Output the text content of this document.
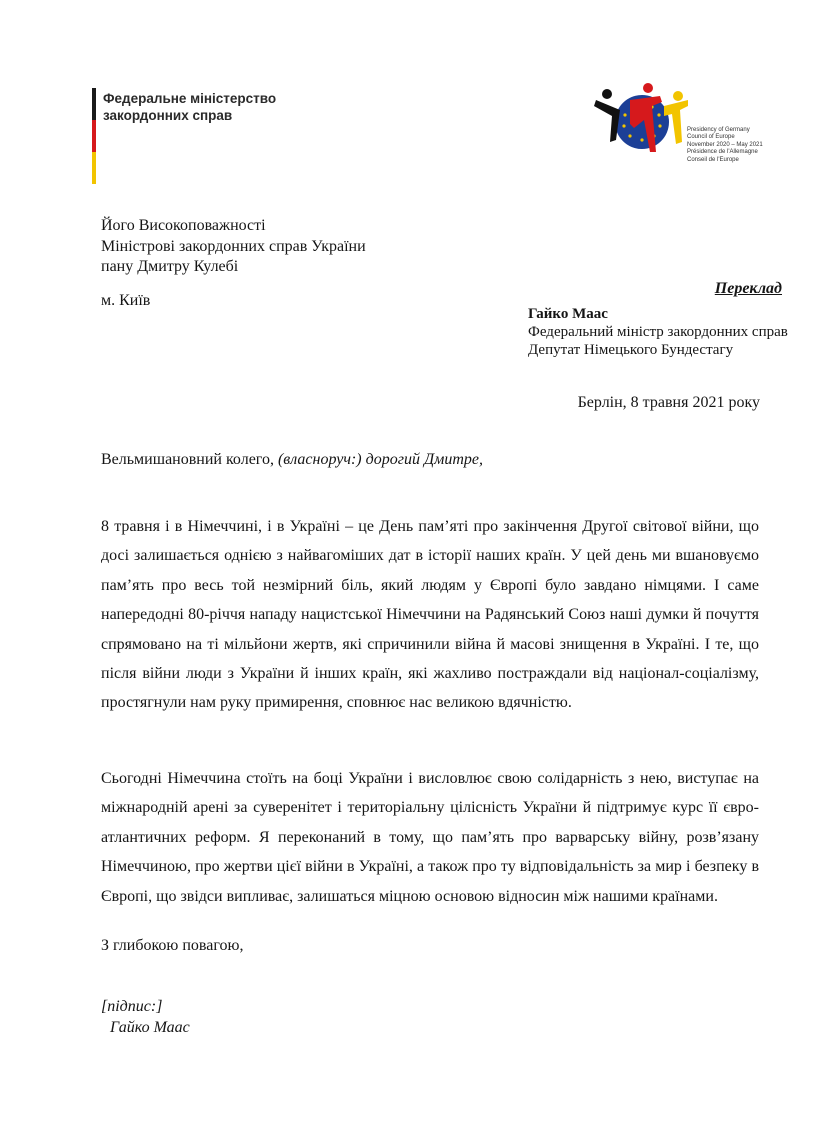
Федеральне міністерство
закордонних справ
Presidency of Germany
Council of Europe
November 2020 – May 2021
Présidence de l'Allemagne
Conseil de l'Europe
Його Високоповажності
Міністрові закордонних справ України
пану Дмитру Кулебі
м. Київ
Переклад
Гайко Маас
Федеральний міністр закордонних справ
Депутат Німецького Бундестагу
Берлін, 8 травня 2021 року
Вельмишановний колего, (власноруч:) дорогий Дмитре,
8 травня і в Німеччині, і в Україні – це День пам’яті про закінчення Другої світової війни, що досі залишається однією з найвагоміших дат в історії наших країн. У цей день ми вшановуємо пам’ять про весь той незмірний біль, який людям у Європі було завдано німцями. І саме напередодні 80-річчя нападу нацистської Німеччини на Радянський Союз наші думки й почуття спрямовано на ті мільйони жертв, які спричинили війна й масові знищення в Україні. І те, що після війни люди з України й інших країн, які жахливо постраждали від націонал-соціалізму, простягнули нам руку примирення, сповнює нас великою вдячністю.
Сьогодні Німеччина стоїть на боці України і висловлює свою солідарність з нею, виступає на міжнародній арені за суверенітет і територіальну цілісність України й підтримує курс її євро-атлантичних реформ. Я переконаний в тому, що пам’ять про варварську війну, розв’язану Німеччиною, про жертви цієї війни в Україні, а також про ту відповідальність за мир і безпеку в Європі, що звідси випливає, залишаться міцною основою відносин між нашими країнами.
З глибокою повагою,
[підпис:]
Гайко Маас
